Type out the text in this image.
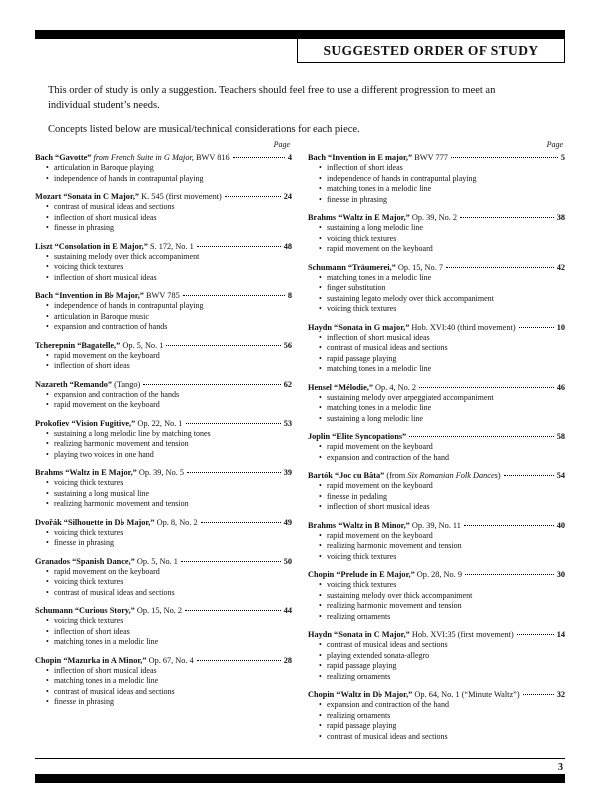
SUGGESTED ORDER OF STUDY

This order of study is only a suggestion. Teachers should feel free to use a different progression to meet an individual student’s needs.

Concepts listed below are musical/technical considerations for each piece.

Page
Bach “Gavotte” from French Suite in G Major, BWV 816	4
• articulation in Baroque playing
• independence of hands in contrapuntal playing
Mozart “Sonata in C Major,” K. 545 (first movement)	24
• contrast of musical ideas and sections
• inflection of short musical ideas
• finesse in phrasing
Liszt “Consolation in E Major,” S. 172, No. 1	48
• sustaining melody over thick accompaniment
• voicing thick textures
• inflection of short musical ideas
Bach “Invention in B♭ Major,” BWV 785	8
• independence of hands in contrapuntal playing
• articulation in Baroque music
• expansion and contraction of hands
Tcherepnin “Bagatelle,” Op. 5, No. 1	56
• rapid movement on the keyboard
• inflection of short ideas
Nazareth “Remando” (Tango)	62
• expansion and contraction of the hands
• rapid movement on the keyboard
Prokofiev “Vision Fugitive,” Op. 22, No. 1	53
• sustaining a long melodic line by matching tones
• realizing harmonic movement and tension
• playing two voices in one hand
Brahms “Waltz in E Major,” Op. 39, No. 5	39
• voicing thick textures
• sustaining a long musical line
• realizing harmonic movement and tension
Dvořák “Silhouette in D♭ Major,” Op. 8, No. 2	49
• voicing thick textures
• finesse in phrasing
Granados “Spanish Dance,” Op. 5, No. 1	50
• rapid movement on the keyboard
• voicing thick textures
• contrast of musical ideas and sections
Schumann “Curious Story,” Op. 15, No. 2	44
• voicing thick textures
• inflection of short ideas
• matching tones in a melodic line
Chopin “Mazurka in A Minor,” Op. 67, No. 4	28
• inflection of short musical ideas
• matching tones in a melodic line
• contrast of musical ideas and sections
• finesse in phrasing
Page
Bach “Invention in E major,” BWV 777	5
• inflection of short ideas
• independence of hands in contrapuntal playing
• matching tones in a melodic line
• finesse in phrasing
Brahms “Waltz in E Major,” Op. 39, No. 2	38
• sustaining a long melodic line
• voicing thick textures
• rapid movement on the keyboard
Schumann “Träumerei,” Op. 15, No. 7	42
• matching tones in a melodic line
• finger substitution
• sustaining legato melody over thick accompaniment
• voicing thick textures
Haydn “Sonata in G major,” Hob. XVI:40 (third movement)	10
• inflection of short musical ideas
• contrast of musical ideas and sections
• rapid passage playing
• matching tones in a melodic line
Hensel “Mélodie,” Op. 4, No. 2	46
• sustaining melody over arpeggiated accompaniment
• matching tones in a melodic line
• sustaining a long melodic line
Joplin “Elite Syncopations”	58
• rapid movement on the keyboard
• expansion and contraction of the hand
Bartók “Joc cu Bâta” (from Six Romanian Folk Dances)	54
• rapid movement on the keyboard
• finesse in pedaling
• inflection of short musical ideas
Brahms “Waltz in B Minor,” Op. 39, No. 11	40
• rapid movement on the keyboard
• realizing harmonic movement and tension
• voicing thick textures
Chopin “Prelude in E Major,” Op. 28, No. 9	30
• voicing thick textures
• sustaining melody over thick accompaniment
• realizing harmonic movement and tension
• realizing ornaments
Haydn “Sonata in C Major,” Hob. XVI:35 (first movement)	14
• contrast of musical ideas and sections
• playing extended sonata-allegro
• rapid passage playing
• realizing ornaments
Chopin “Waltz in D♭ Major,” Op. 64, No. 1 (“Minute Waltz”)	32
• expansion and contraction of the hand
• realizing ornaments
• rapid passage playing
• contrast of musical ideas and sections
3
